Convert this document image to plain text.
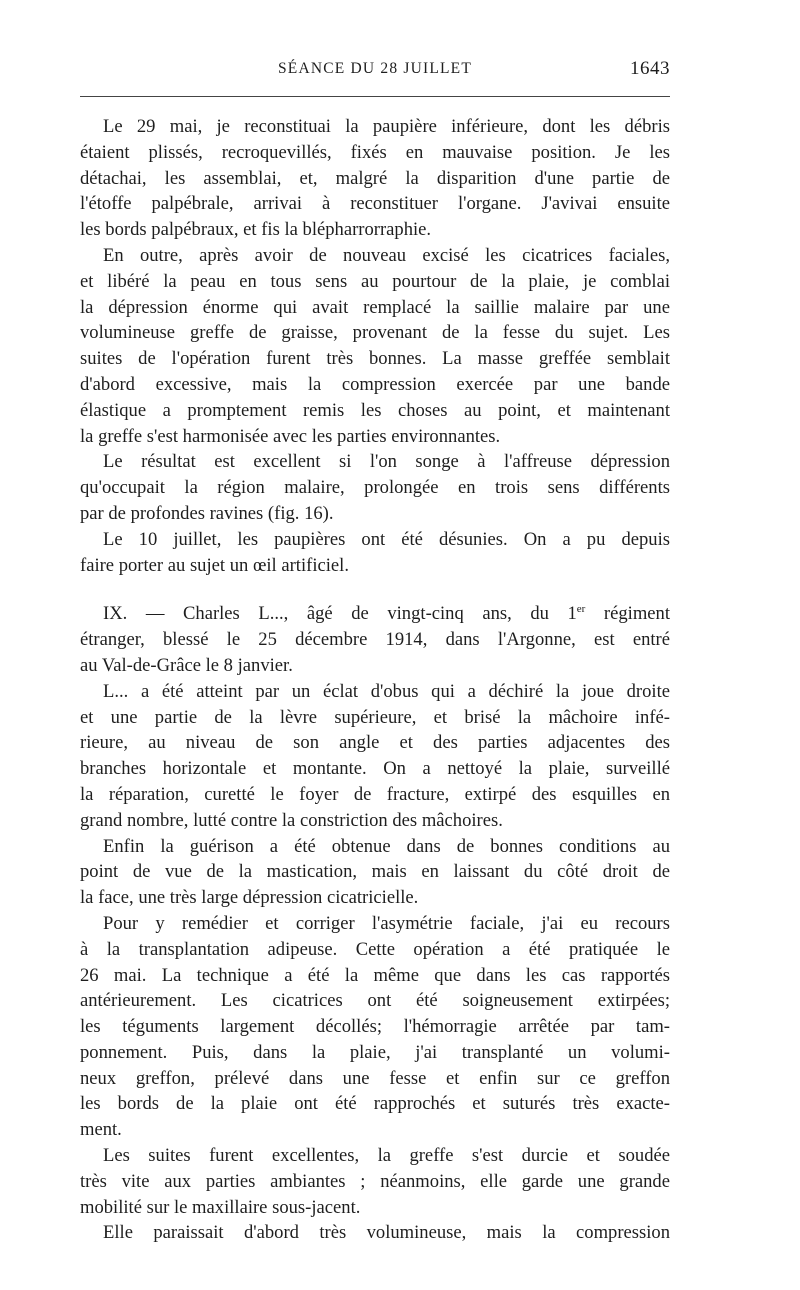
SÉANCE DU 28 JUILLET	1643
Le 29 mai, je reconstituai la paupière inférieure, dont les débris
étaient plissés, recroquevillés, fixés en mauvaise position. Je les
détachai, les assemblai, et, malgré la disparition d'une partie de
l'étoffe palpébrale, arrivai à reconstituer l'organe. J'avivai ensuite
les bords palpébraux, et fis la blépharrorraphie.
En outre, après avoir de nouveau excisé les cicatrices faciales,
et libéré la peau en tous sens au pourtour de la plaie, je comblai
la dépression énorme qui avait remplacé la saillie malaire par une
volumineuse greffe de graisse, provenant de la fesse du sujet. Les
suites de l'opération furent très bonnes. La masse greffée semblait
d'abord excessive, mais la compression exercée par une bande
élastique a promptement remis les choses au point, et maintenant
la greffe s'est harmonisée avec les parties environnantes.
Le résultat est excellent si l'on songe à l'affreuse dépression
qu'occupait la région malaire, prolongée en trois sens différents
par de profondes ravines (fig. 16).
Le 10 juillet, les paupières ont été désunies. On a pu depuis
faire porter au sujet un œil artificiel.
IX. — Charles L..., âgé de vingt-cinq ans, du 1er régiment
étranger, blessé le 25 décembre 1914, dans l'Argonne, est entré
au Val-de-Grâce le 8 janvier.
L... a été atteint par un éclat d'obus qui a déchiré la joue droite
et une partie de la lèvre supérieure, et brisé la mâchoire infé-
rieure, au niveau de son angle et des parties adjacentes des
branches horizontale et montante. On a nettoyé la plaie, surveillé
la réparation, curetté le foyer de fracture, extirpé des esquilles en
grand nombre, lutté contre la constriction des mâchoires.
Enfin la guérison a été obtenue dans de bonnes conditions au
point de vue de la mastication, mais en laissant du côté droit de
la face, une très large dépression cicatricielle.
Pour y remédier et corriger l'asymétrie faciale, j'ai eu recours
à la transplantation adipeuse. Cette opération a été pratiquée le
26 mai. La technique a été la même que dans les cas rapportés
antérieurement. Les cicatrices ont été soigneusement extirpées;
les téguments largement décollés; l'hémorragie arrêtée par tam-
ponnement. Puis, dans la plaie, j'ai transplanté un volumi-
neux greffon, prélevé dans une fesse et enfin sur ce greffon
les bords de la plaie ont été rapprochés et suturés très exacte-
ment.
Les suites furent excellentes, la greffe s'est durcie et soudée
très vite aux parties ambiantes ; néanmoins, elle garde une grande
mobilité sur le maxillaire sous-jacent.
Elle paraissait d'abord très volumineuse, mais la compression
